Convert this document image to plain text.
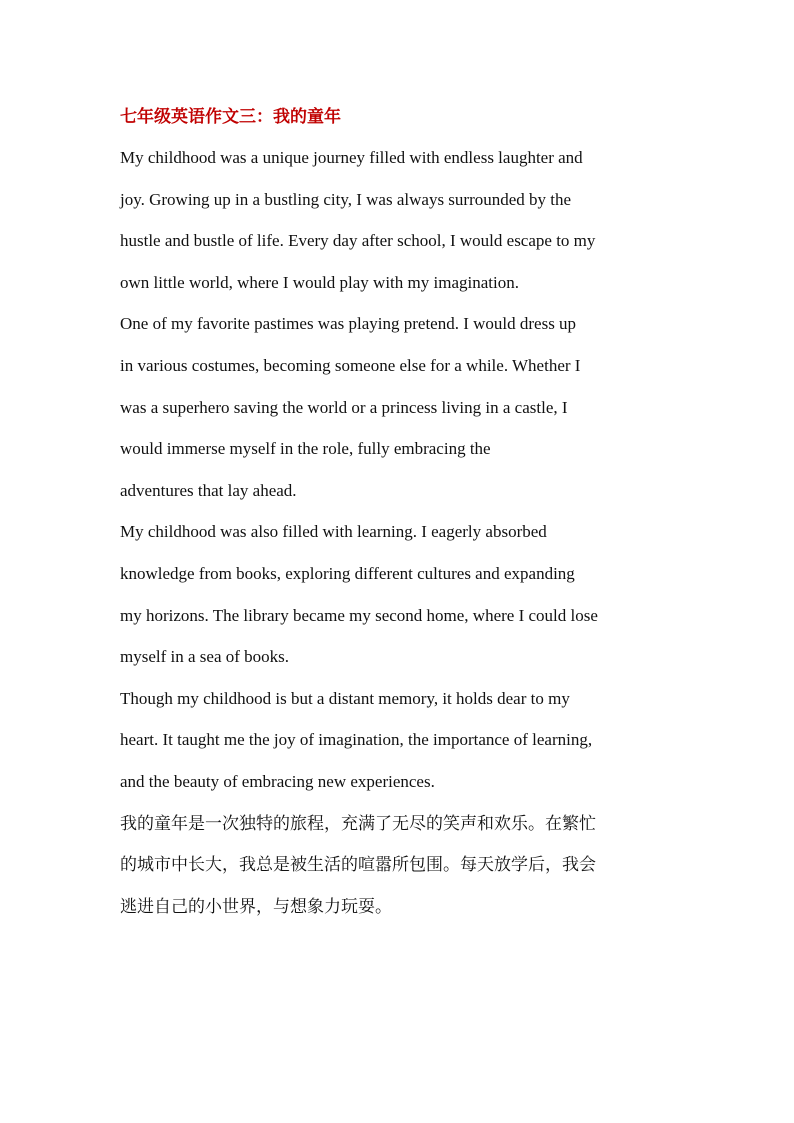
七年级英语作文三：我的童年
My childhood was a unique journey filled with endless laughter and
joy. Growing up in a bustling city, I was always surrounded by the
hustle and bustle of life. Every day after school, I would escape to my
own little world, where I would play with my imagination.
One of my favorite pastimes was playing pretend. I would dress up
in various costumes, becoming someone else for a while. Whether I
was a superhero saving the world or a princess living in a castle, I
would immerse myself in the role, fully embracing the
adventures that lay ahead.
My childhood was also filled with learning. I eagerly absorbed
knowledge from books, exploring different cultures and expanding
my horizons. The library became my second home, where I could lose
myself in a sea of books.
Though my childhood is but a distant memory, it holds dear to my
heart. It taught me the joy of imagination, the importance of learning,
and the beauty of embracing new experiences.
我的童年是一次独特的旅程，充满了无尽的笑声和欢乐。在繁忙
的城市中长大，我总是被生活的喧嚣所包围。每天放学后，我会
逃进自己的小世界，与想象力玩耍。
